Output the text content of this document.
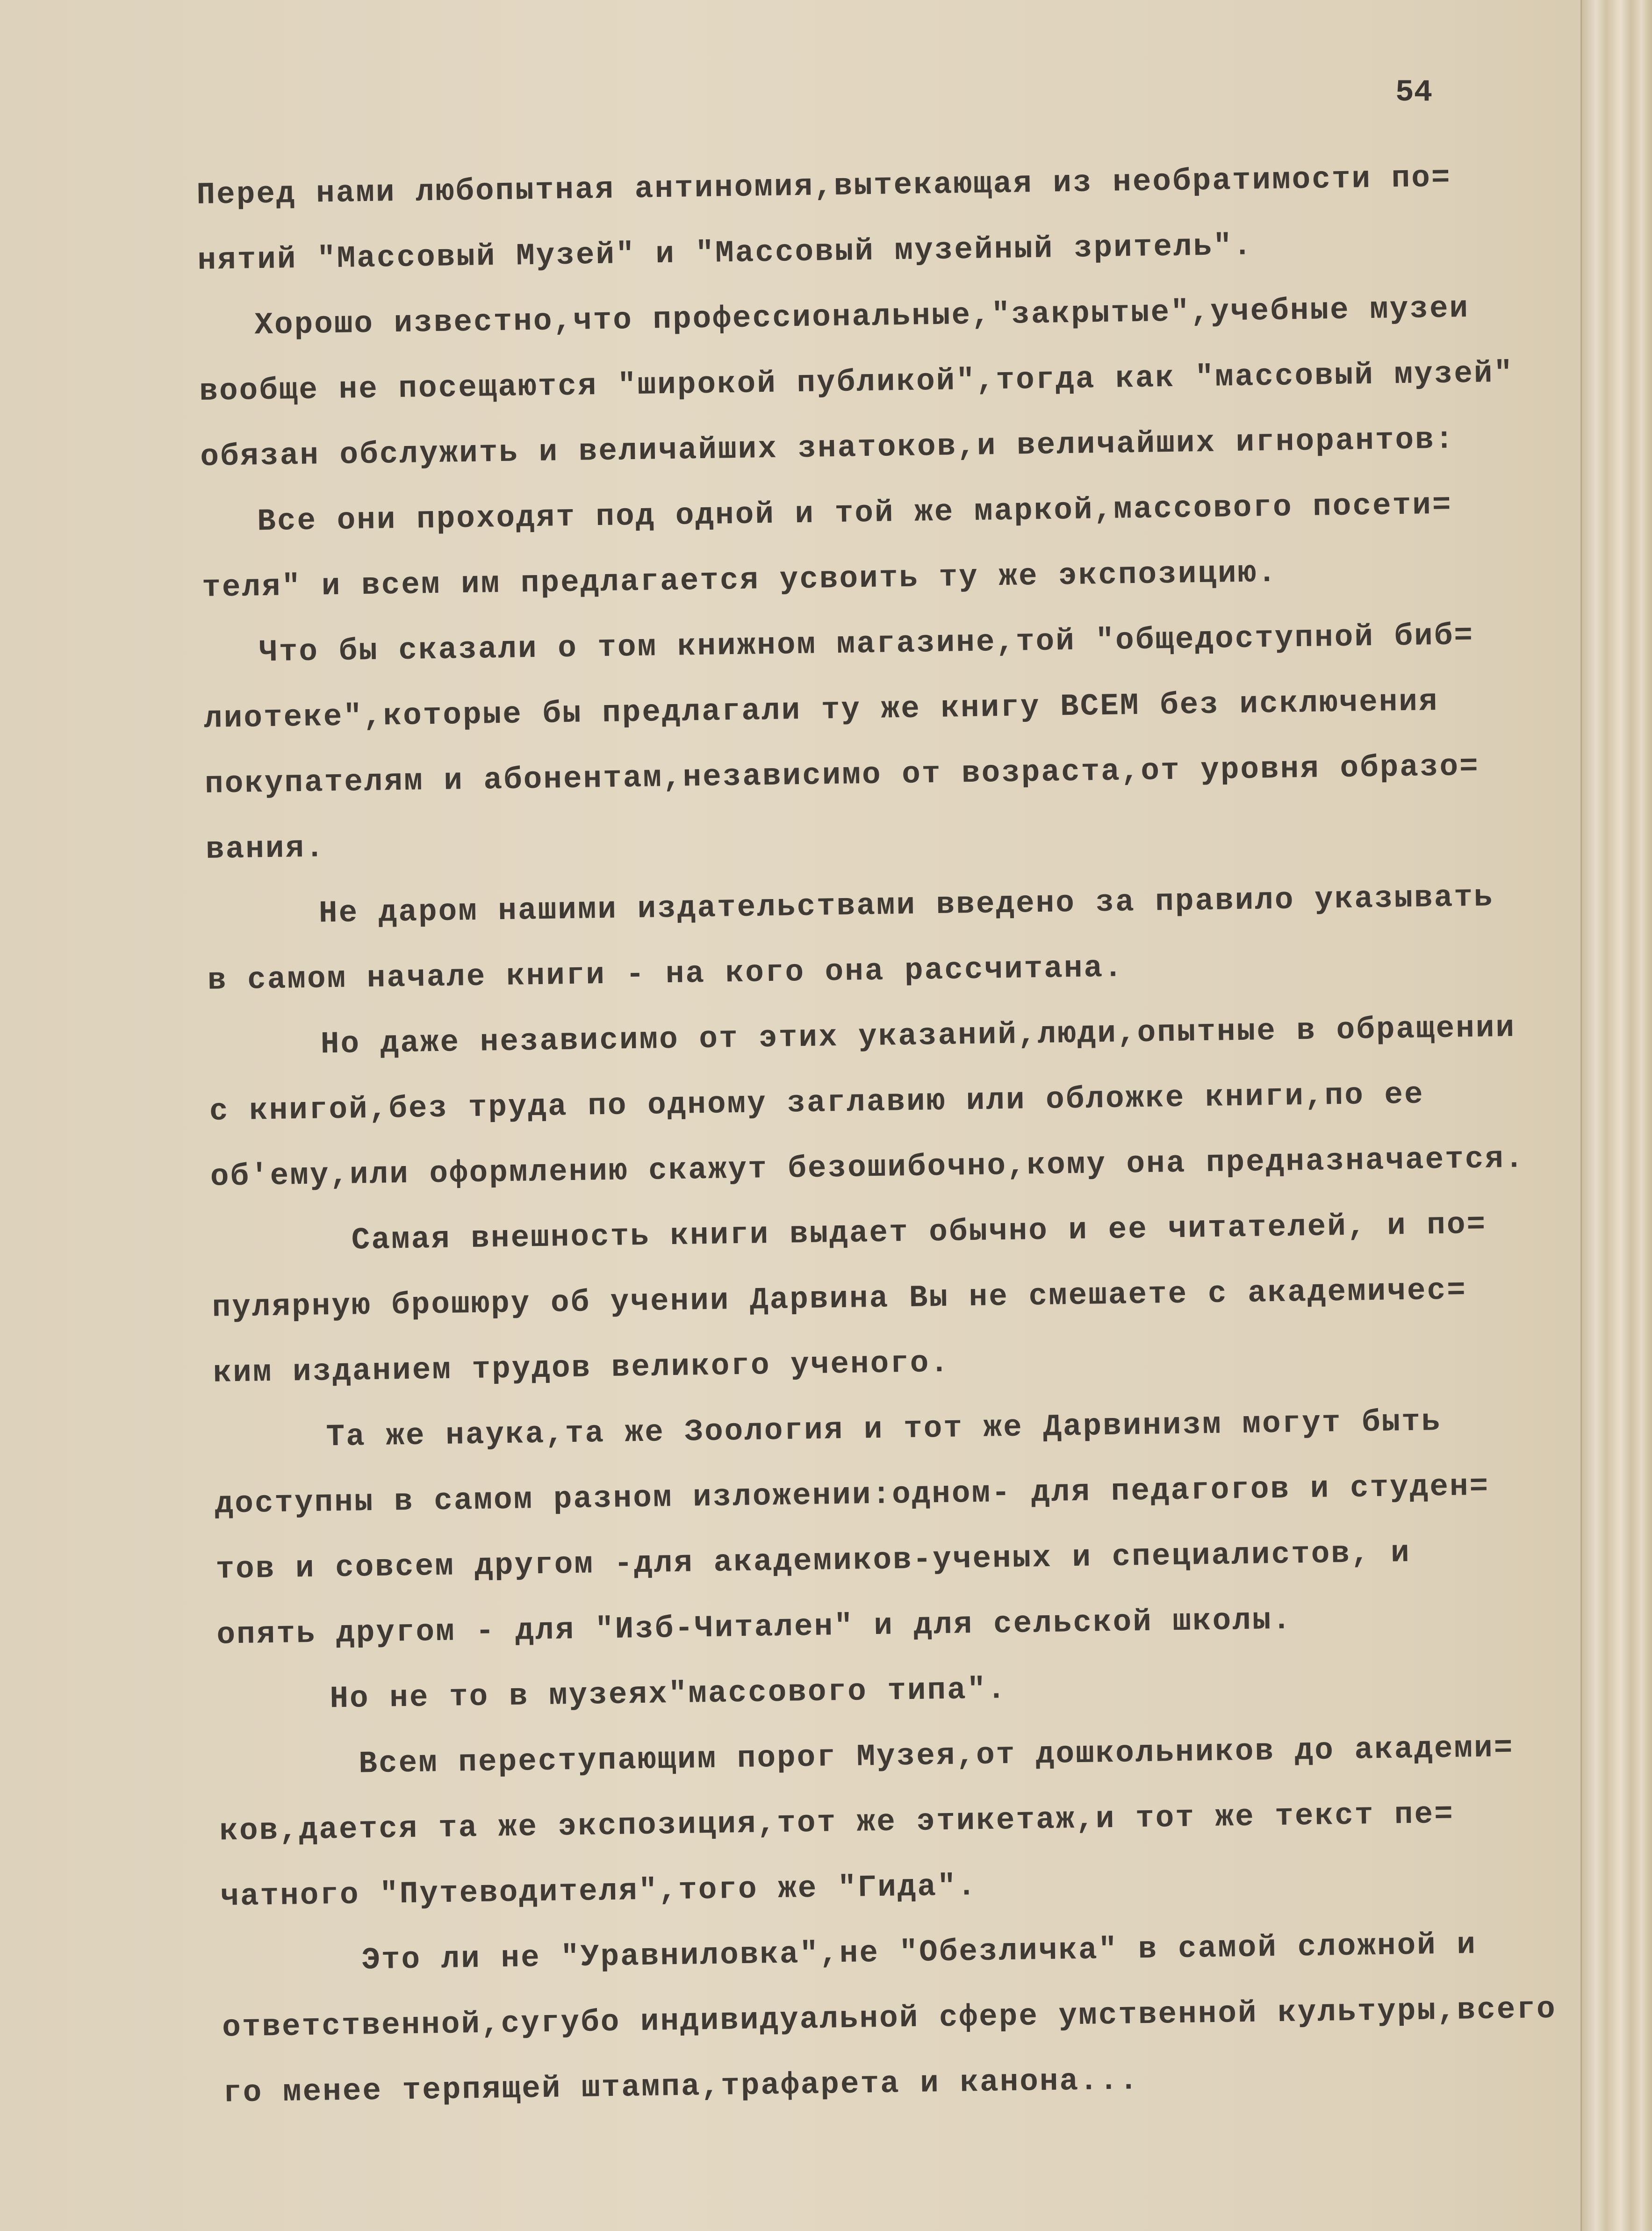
54
Перед нами любопытная антиномия,вытекающая из необратимости по=
нятий "Массовый Музей" и "Массовый музейный зритель".
Хорошо известно,что профессиональные,"закрытые",учебные музеи
вообще не посещаются "широкой публикой",тогда как "массовый музей"
обязан обслужить и величайших знатоков,и величайших игнорантов:
Все они проходят под одной и той же маркой,массового посети=
теля" и всем им предлагается усвоить ту же экспозицию.
Что бы сказали о том книжном магазине,той "общедоступной биб=
лиотеке",которые бы предлагали ту же книгу ВСЕМ без исключения
покупателям и абонентам,независимо от возраста,от уровня образо=
вания.
Не даром нашими издательствами введено за правило указывать
в самом начале книги - на кого она рассчитана.
Но даже независимо от этих указаний,люди,опытные в обращении
с книгой,без труда по одному заглавию или обложке книги,по ее
об'ему,или оформлению скажут безошибочно,кому она предназначается.
Самая внешность книги выдает обычно и ее читателей, и по=
пулярную брошюру об учении Дарвина Вы не смешаете с академичес=
ким изданием трудов великого ученого.
Та же наука,та же Зоология и тот же Дарвинизм могут быть
доступны в самом разном изложении:одном- для педагогов и студен=
тов и совсем другом -для академиков-ученых и специалистов, и
опять другом - для "Изб-Читален" и для сельской школы.
Но не то в музеях"массового типа".
Всем переступающим порог Музея,от дошкольников до академи=
ков,дается та же экспозиция,тот же этикетаж,и тот же текст пе=
чатного "Путеводителя",того же "Гида".
Это ли не "Уравниловка",не "Обезличка" в самой сложной и
ответственной,сугубо индивидуальной сфере умственной культуры,всего
го менее терпящей штампа,трафарета и канона...
